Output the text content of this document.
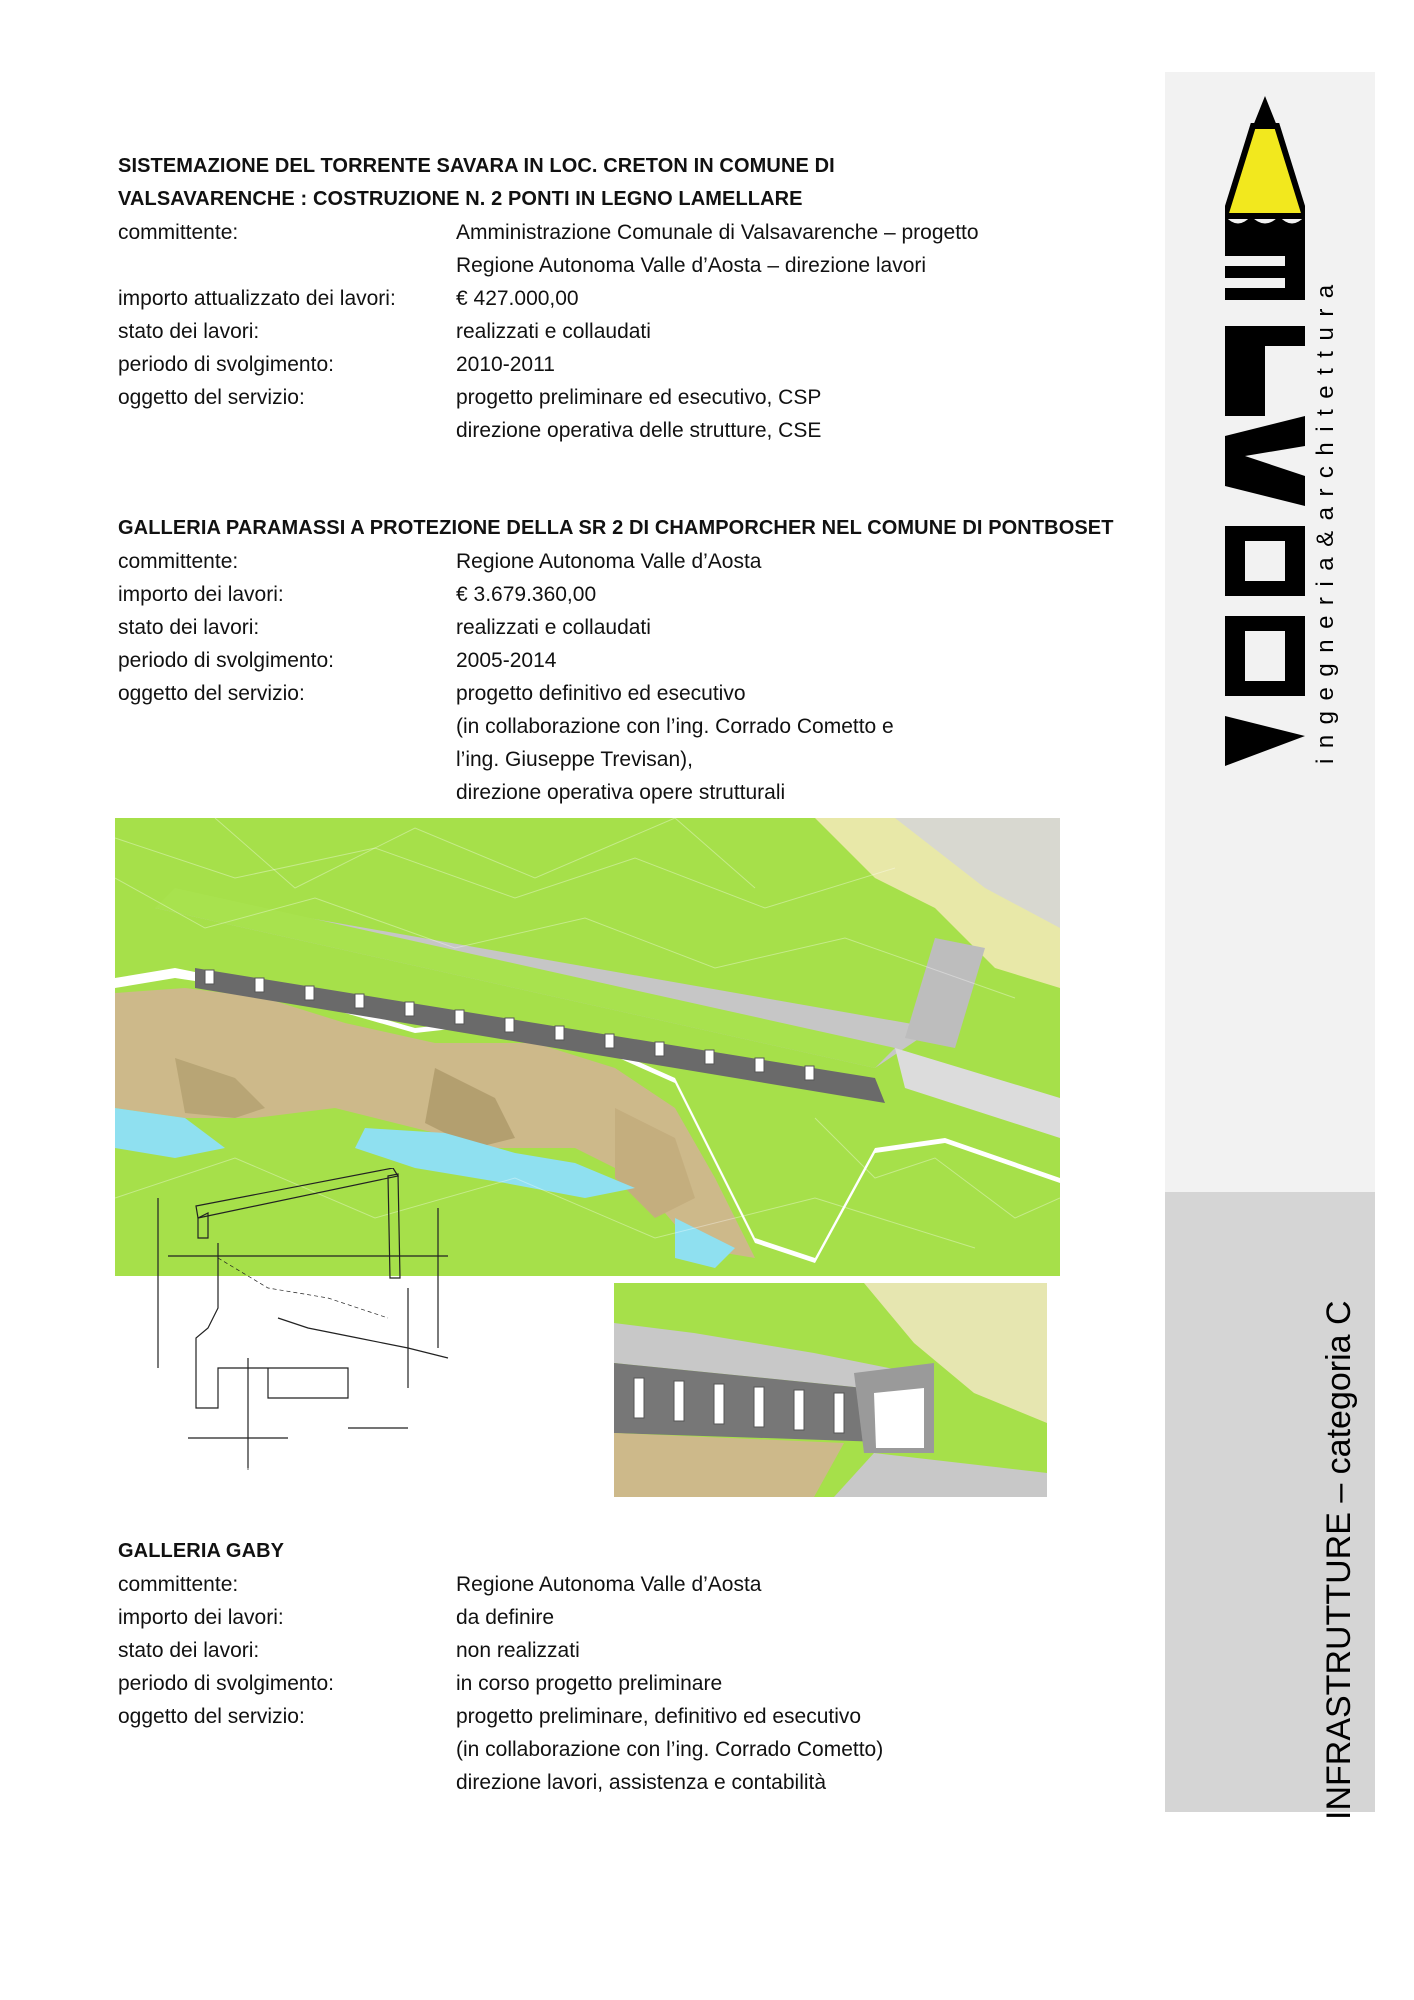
SISTEMAZIONE DEL TORRENTE SAVARA IN LOC. CRETON IN COMUNE DI
VALSAVARENCHE : COSTRUZIONE N. 2 PONTI IN LEGNO LAMELLARE
committente:	Amministrazione Comunale di Valsavarenche – progetto
Regione Autonoma Valle d’Aosta – direzione lavori
importo attualizzato dei lavori:	€ 427.000,00
stato dei lavori:	realizzati e collaudati
periodo di svolgimento:	2010-2011
oggetto del servizio:	progetto preliminare ed esecutivo, CSP
direzione operativa delle strutture, CSE
GALLERIA PARAMASSI A PROTEZIONE DELLA SR 2 DI CHAMPORCHER NEL COMUNE DI PONTBOSET
committente:	Regione Autonoma Valle d’Aosta
importo dei lavori:	€ 3.679.360,00
stato dei lavori:	realizzati e collaudati
periodo di svolgimento:	2005-2014
oggetto del servizio:	progetto definitivo ed esecutivo
(in collaborazione con l’ing. Corrado Cometto e
l’ing. Giuseppe Trevisan),
direzione operativa opere strutturali
GALLERIA GABY
committente:	Regione Autonoma Valle d’Aosta
importo dei lavori:	da definire
stato dei lavori:	non realizzati
periodo di svolgimento:	in corso progetto preliminare
oggetto del servizio:	progetto preliminare, definitivo ed esecutivo
(in collaborazione con l’ing. Corrado Cometto)
direzione lavori, assistenza e contabilità
ingegneria&architettura
INFRASTRUTTURE – categoria C
